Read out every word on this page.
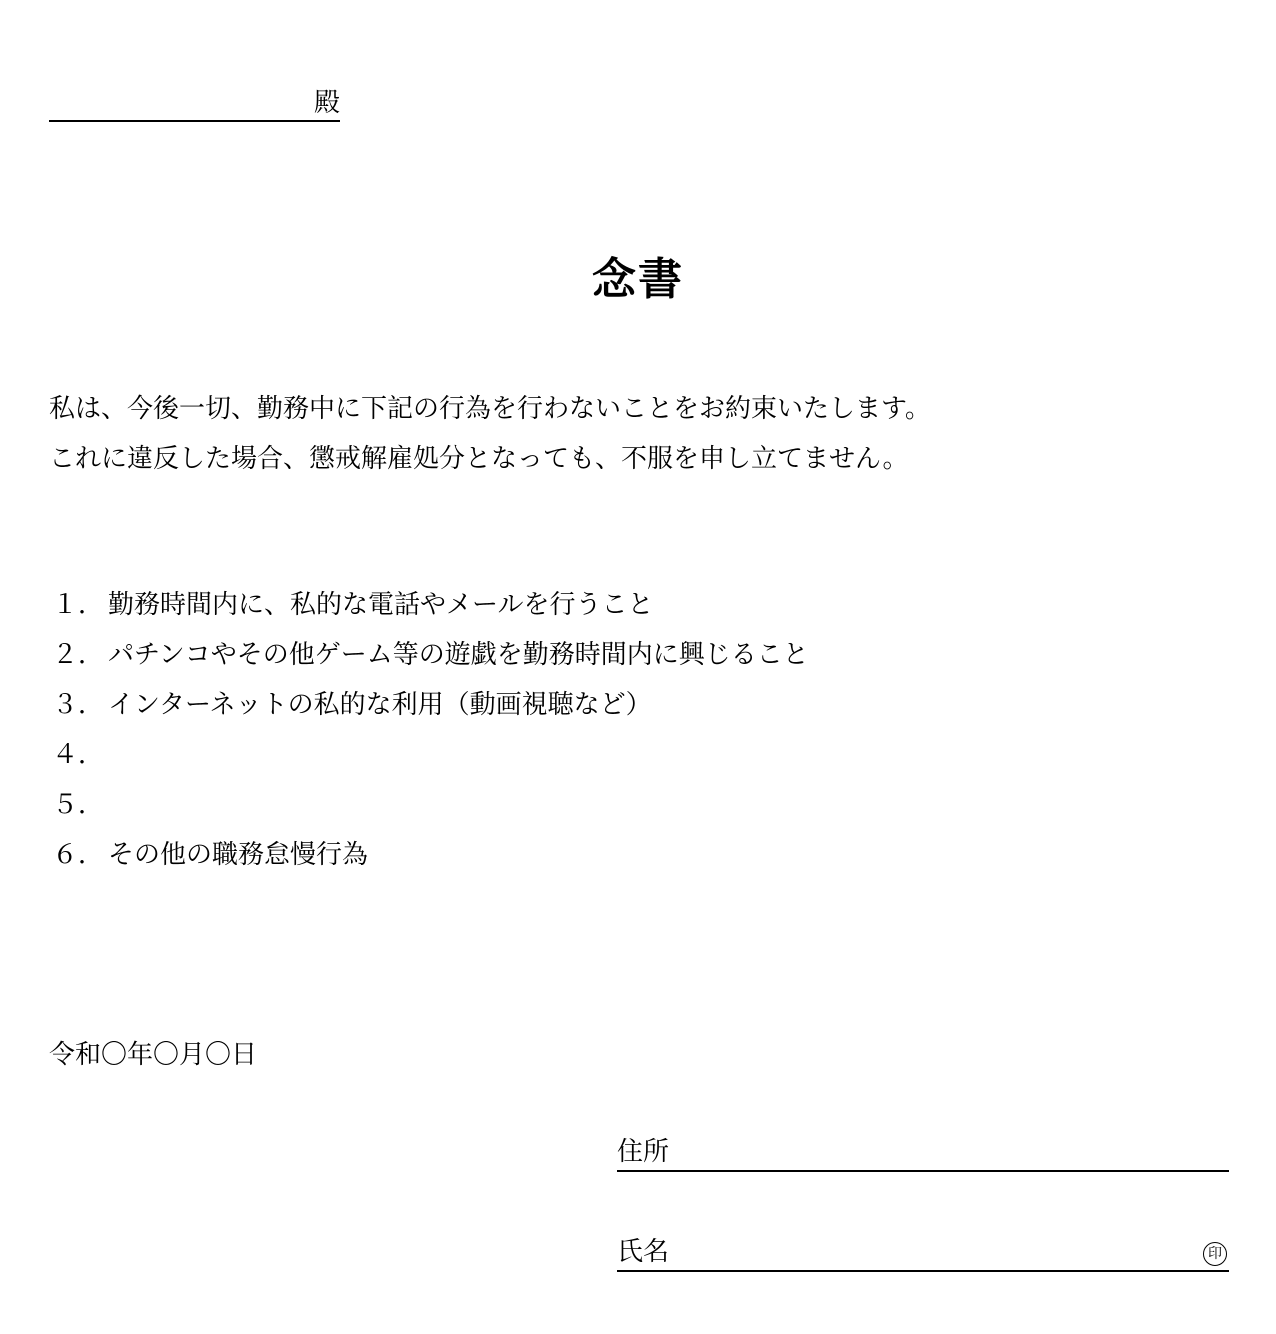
殿
念書
私は、今後一切、勤務中に下記の行為を行わないことをお約束いたします。
これに違反した場合、懲戒解雇処分となっても、不服を申し立てません。
１． 勤務時間内に、私的な電話やメールを行うこと
２． パチンコやその他ゲーム等の遊戯を勤務時間内に興じること
３． インターネットの私的な利用（動画視聴など）
４．
５．
６． その他の職務怠慢行為
令和〇年〇月〇日
住所
氏名	印
